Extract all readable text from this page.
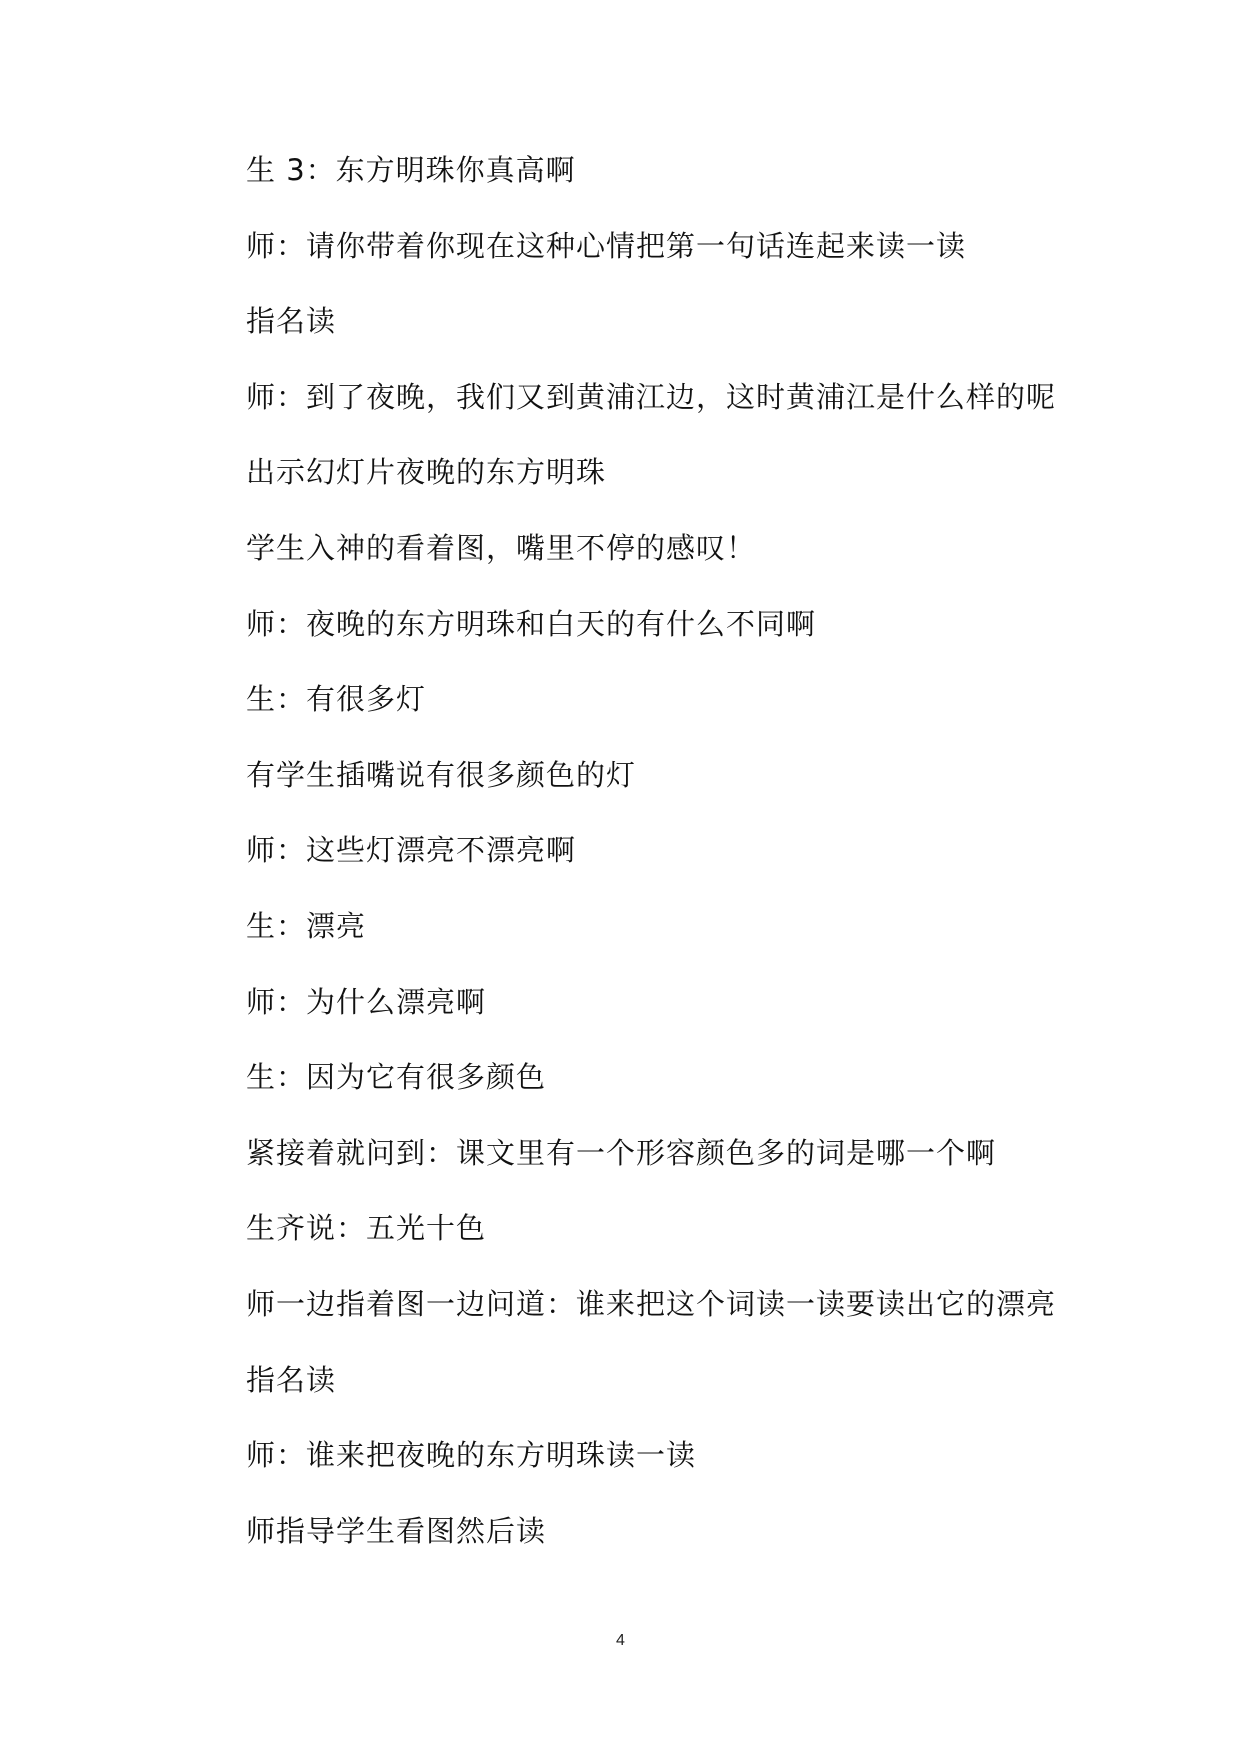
生 3：东方明珠你真高啊
师：请你带着你现在这种心情把第一句话连起来读一读
指名读
师：到了夜晚，我们又到黄浦江边，这时黄浦江是什么样的呢
出示幻灯片夜晚的东方明珠
学生入神的看着图，嘴里不停的感叹！
师：夜晚的东方明珠和白天的有什么不同啊
生：有很多灯
有学生插嘴说有很多颜色的灯
师：这些灯漂亮不漂亮啊
生：漂亮
师：为什么漂亮啊
生：因为它有很多颜色
紧接着就问到：课文里有一个形容颜色多的词是哪一个啊
生齐说：五光十色
师一边指着图一边问道：谁来把这个词读一读要读出它的漂亮
指名读
师：谁来把夜晚的东方明珠读一读
师指导学生看图然后读
4
